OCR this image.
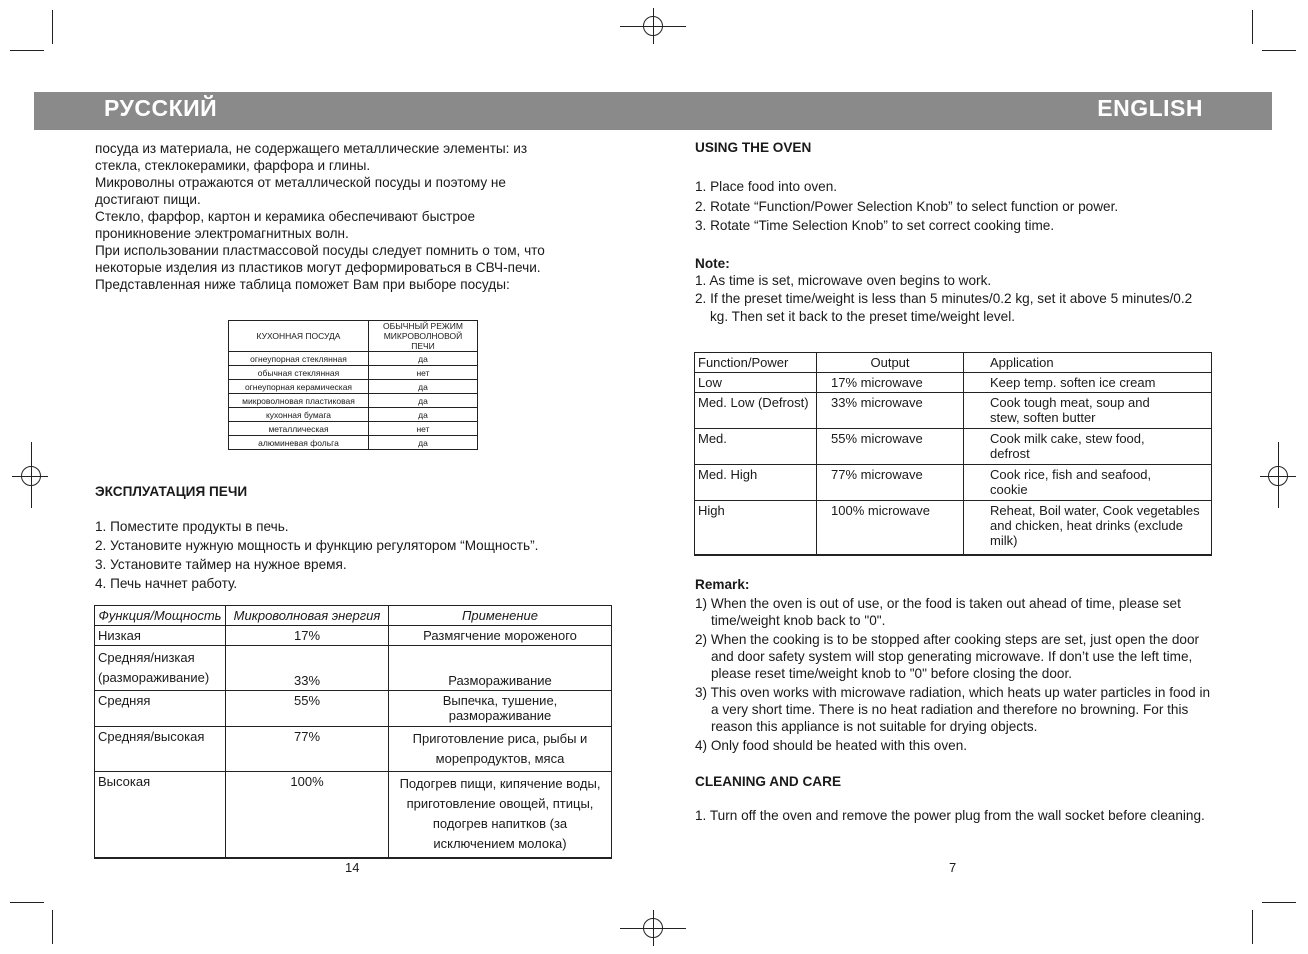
РУССКИЙ	ENGLISH

посуда из материала, не содержащего металлические элементы: из

стекла, стеклокерамики, фарфора и глины.

Микроволны отражаются от металлической посуды и поэтому не

достигают пищи.

Стекло, фарфор, картон и керамика обеспечивают быстрое

проникновение электромагнитных волн.

При использовании пластмассовой посуды следует помнить о том, что

некоторые изделия из пластиков могут деформироваться в СВЧ-печи.

Представленная ниже таблица поможет Вам при выборе посуды:

КУХОННАЯ ПОСУДА	ОБЫЧНЫЙ РЕЖИМ МИКРОВОЛНОВОЙ ПЕЧИ
огнеупорная стеклянная	да
обычная стеклянная	нет
огнеупорная керамическая	да
микроволновая пластиковая	да
кухонная бумага	да
металлическая	нет
алюминевая фольга	да

ЭКСПЛУАТАЦИЯ ПЕЧИ

1. Поместите продукты в печь.

2. Установите нужную мощность и функцию регулятором “Мощность”.

3. Установите таймер на нужное время.

4. Печь начнет работу.

Функция/Мощность	Микроволновая энергия	Применение
Низкая	17%	Размягчение мороженого
Средняя/низкая (размораживание)	33%	Размораживание
Средняя	55%	Выпечка, тушение, размораживание
Средняя/высокая	77%	Приготовление риса, рыбы и морепродуктов, мяса
Высокая	100%	Подогрев пищи, кипячение воды, приготовление овощей, птицы, подогрев напитков (за исключением молока)
14

USING THE OVEN

1. Place food into oven.

2. Rotate “Function/Power Selection Knob” to select function or power.

3. Rotate “Time Selection Knob” to set correct cooking time.

Note:

1. As time is set, microwave oven begins to work.

2. If the preset time/weight is less than 5 minutes/0.2 kg, set it above 5 minutes/0.2 kg. Then set it back to the preset time/weight level.

Function/Power	Output	Application
Low	17% microwave	Keep temp. soften ice cream
Med. Low (Defrost)	33% microwave	Cook tough meat, soup and stew, soften butter
Med.	55% microwave	Cook milk cake, stew food, defrost
Med. High	77% microwave	Cook rice, fish and seafood, cookie
High	100% microwave	Reheat, Boil water, Cook vegetables and chicken, heat drinks (exclude milk)

Remark:

1) When the oven is out of use, or the food is taken out ahead of time, please set time/weight knob back to "0".

2) When the cooking is to be stopped after cooking steps are set, just open the door and door safety system will stop generating microwave. If don’t use the left time, please reset time/weight knob to "0" before closing the door.

3) This oven works with microwave radiation, which heats up water particles in food in a very short time. There is no heat radiation and therefore no browning. For this reason this appliance is not suitable for drying objects.

4) Only food should be heated with this oven.

CLEANING AND CARE

1. Turn off the oven and remove the power plug from the wall socket before cleaning.

7
